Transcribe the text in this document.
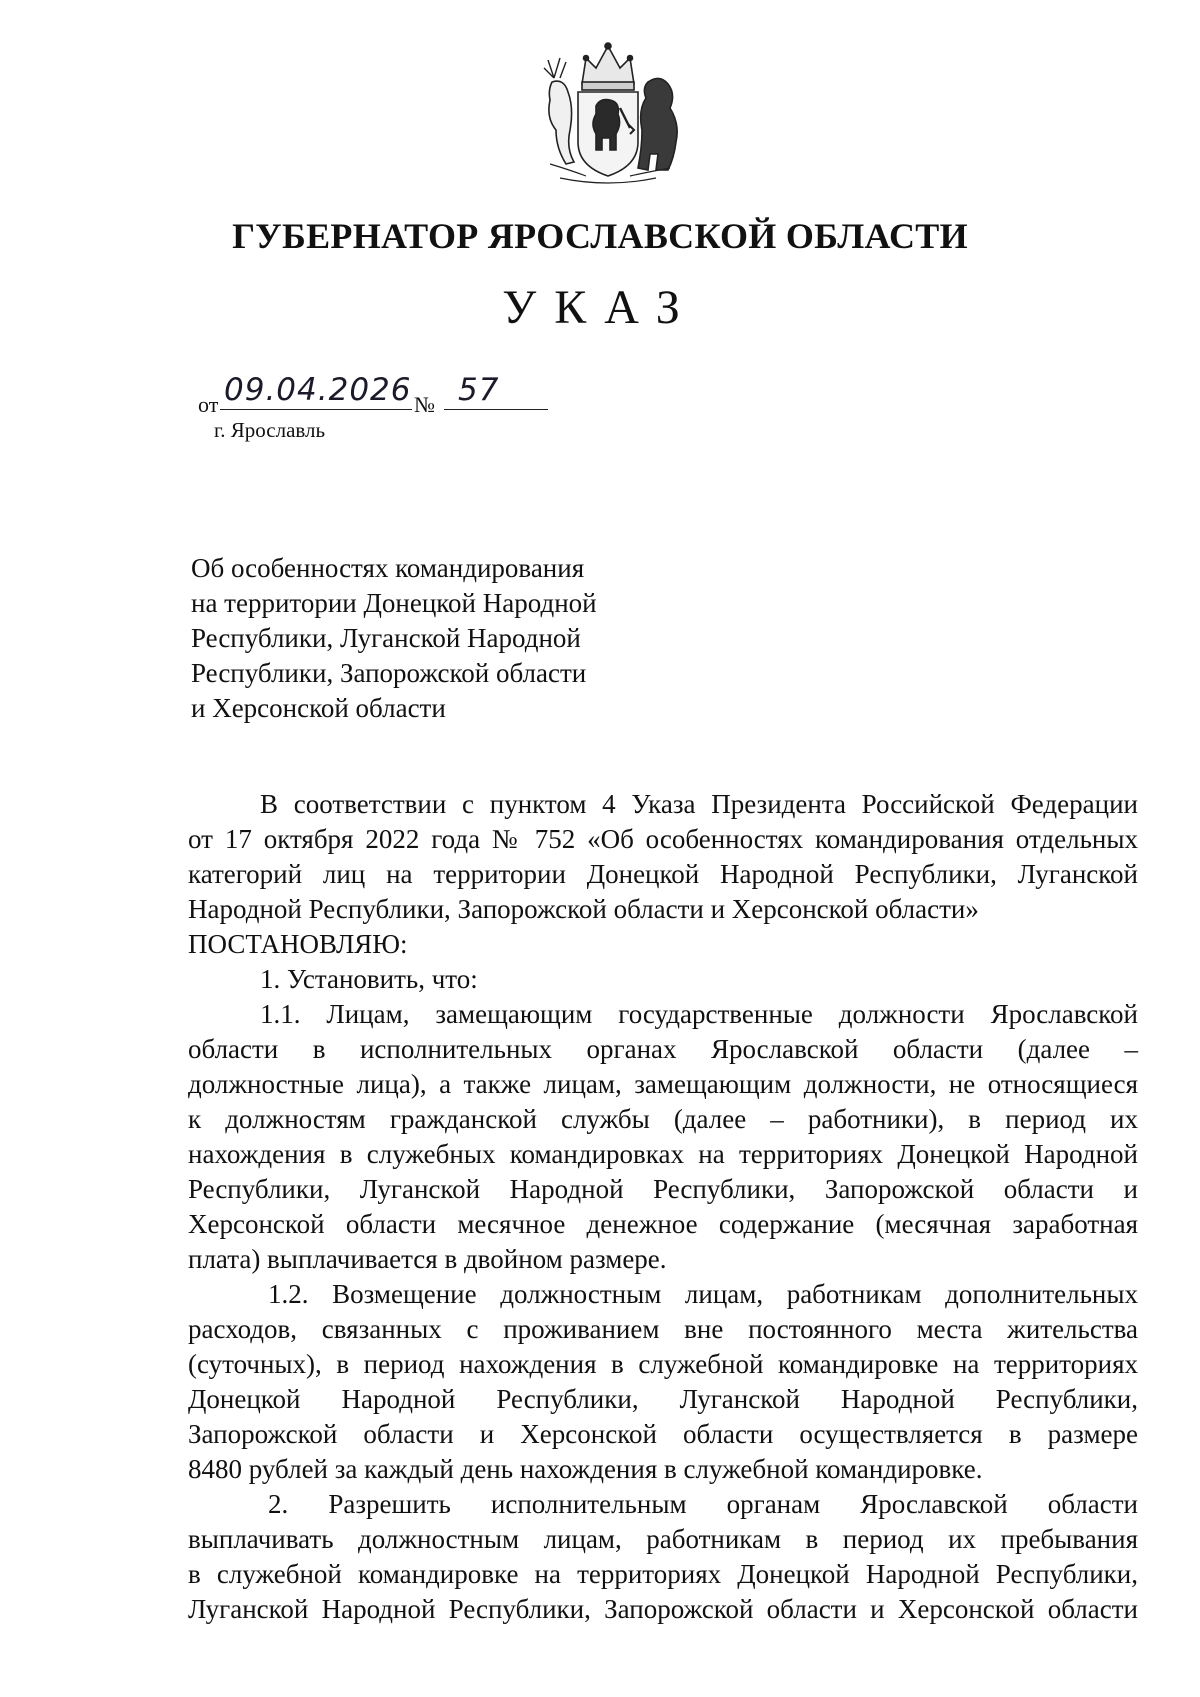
ГУБЕРНАТОР ЯРОСЛАВСКОЙ ОБЛАСТИ
УКАЗ
от 09.04.2026 № 57
г. Ярославль
Об особенностях командирования
на территории Донецкой Народной
Республики, Луганской Народной
Республики, Запорожской области
и Херсонской области
В соответствии с пунктом 4 Указа Президента Российской Федерации
от 17 октября 2022 года № 752 «Об особенностях командирования отдельных
категорий лиц на территории Донецкой Народной Республики, Луганской
Народной Республики, Запорожской области и Херсонской области»
ПОСТАНОВЛЯЮ:
1. Установить, что:
1.1. Лицам, замещающим государственные должности Ярославской
области в исполнительных органах Ярославской области (далее –
должностные лица), а также лицам, замещающим должности, не относящиеся
к должностям гражданской службы (далее – работники), в период их
нахождения в служебных командировках на территориях Донецкой Народной
Республики, Луганской Народной Республики, Запорожской области и
Херсонской области месячное денежное содержание (месячная заработная
плата) выплачивается в двойном размере.
1.2. Возмещение должностным лицам, работникам дополнительных
расходов, связанных с проживанием вне постоянного места жительства
(суточных), в период нахождения в служебной командировке на территориях
Донецкой Народной Республики, Луганской Народной Республики,
Запорожской области и Херсонской области осуществляется в размере
8480 рублей за каждый день нахождения в служебной командировке.
2. Разрешить исполнительным органам Ярославской области
выплачивать должностным лицам, работникам в период их пребывания
в служебной командировке на территориях Донецкой Народной Республики,
Луганской Народной Республики, Запорожской области и Херсонской области
